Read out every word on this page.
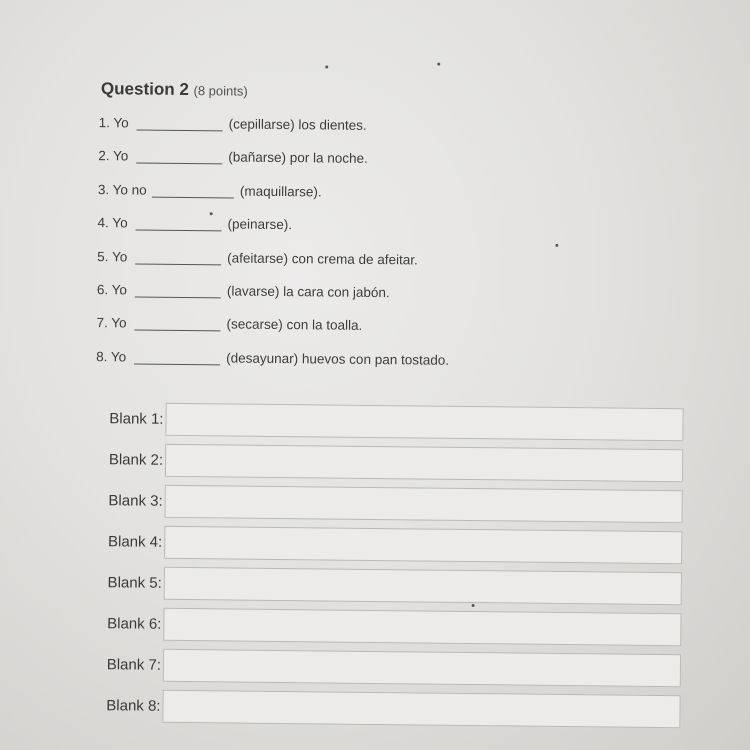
Question 2 (8 points)
1. Yo	(cepillarse) los dientes.
2. Yo	(bañarse) por la noche.
3. Yo no	(maquillarse).
4. Yo	(peinarse).
5. Yo	(afeitarse) con crema de afeitar.
6. Yo	(lavarse) la cara con jabón.
7. Yo	(secarse) con la toalla.
8. Yo	(desayunar) huevos con pan tostado.
Blank 1:
Blank 2:
Blank 3:
Blank 4:
Blank 5:
Blank 6:
Blank 7:
Blank 8:
